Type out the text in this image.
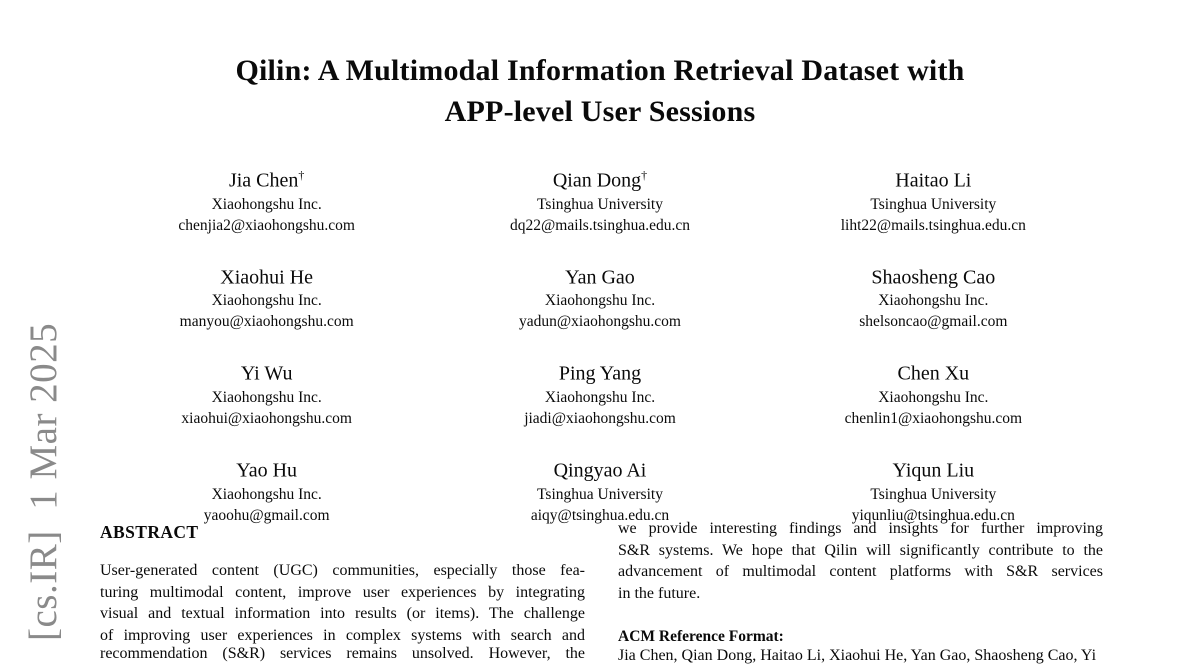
[cs.IR]  1 Mar 2025
Qilin: A Multimodal Information Retrieval Dataset with
APP-level User Sessions
Jia Chen†
Xiaohongshu Inc.
chenjia2@xiaohongshu.com
Qian Dong†
Tsinghua University
dq22@mails.tsinghua.edu.cn
Haitao Li
Tsinghua University
liht22@mails.tsinghua.edu.cn
Xiaohui He
Xiaohongshu Inc.
manyou@xiaohongshu.com
Yan Gao
Xiaohongshu Inc.
yadun@xiaohongshu.com
Shaosheng Cao
Xiaohongshu Inc.
shelsoncao@gmail.com
Yi Wu
Xiaohongshu Inc.
xiaohui@xiaohongshu.com
Ping Yang
Xiaohongshu Inc.
jiadi@xiaohongshu.com
Chen Xu
Xiaohongshu Inc.
chenlin1@xiaohongshu.com
Yao Hu
Xiaohongshu Inc.
yaoohu@gmail.com
Qingyao Ai
Tsinghua University
aiqy@tsinghua.edu.cn
Yiqun Liu
Tsinghua University
yiqunliu@tsinghua.edu.cn
ABSTRACT
User-generated content (UGC) communities, especially those fea-
turing multimodal content, improve user experiences by integrating
visual and textual information into results (or items). The challenge
of improving user experiences in complex systems with search and
recommendation (S&R) services remains unsolved. However, the
we provide interesting findings and insights for further improving
S&R systems. We hope that Qilin will significantly contribute to the
advancement of multimodal content platforms with S&R services
in the future.
ACM Reference Format:
Jia Chen, Qian Dong, Haitao Li, Xiaohui He, Yan Gao, Shaosheng Cao, Yi
